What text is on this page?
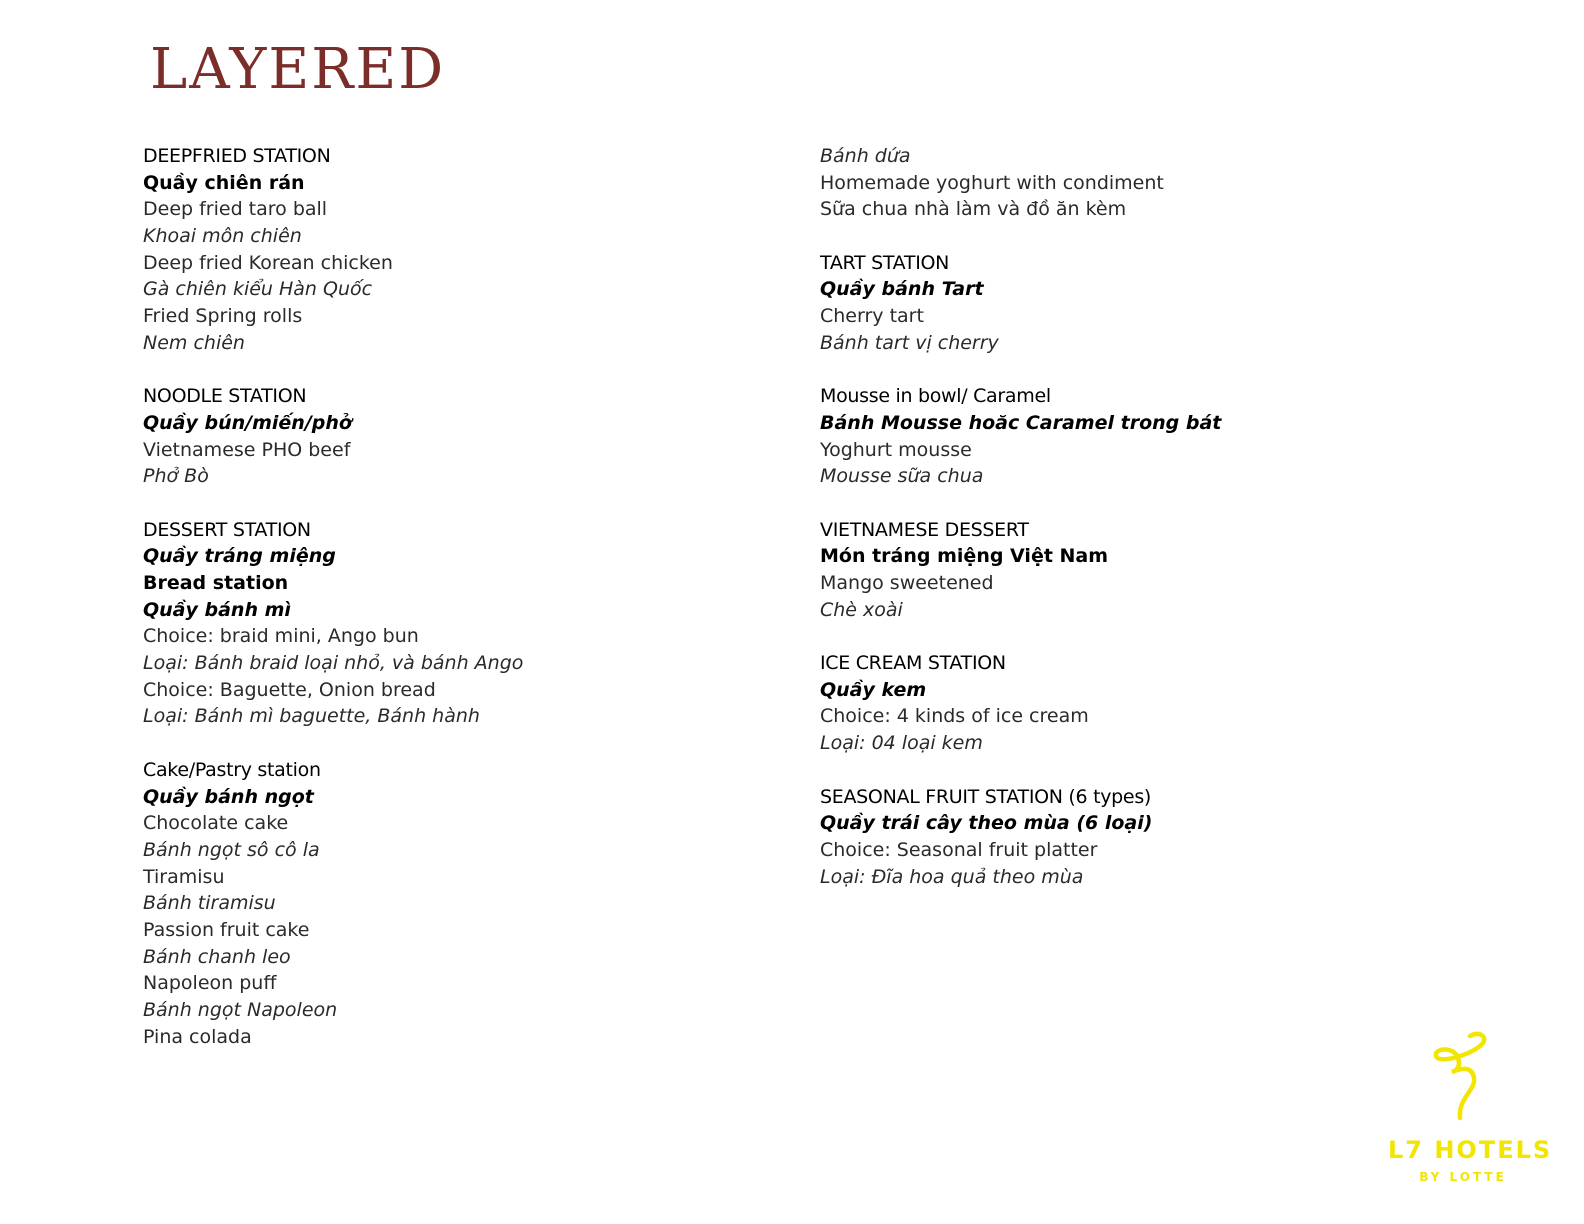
LAYERED
DEEPFRIED STATION
Quầy chiên rán
Deep fried taro ball
Khoai môn chiên
Deep fried Korean chicken
Gà chiên kiểu Hàn Quốc
Fried Spring rolls
Nem chiên
NOODLE STATION
Quầy bún/miến/phở
Vietnamese PHO beef
Phở Bò
DESSERT STATION
Quầy tráng miệng
Bread station
Quầy bánh mì
Choice: braid mini, Ango bun
Loại: Bánh braid loại nhỏ, và bánh Ango
Choice: Baguette, Onion bread
Loại: Bánh mì baguette, Bánh hành
Cake/Pastry station
Quầy bánh ngọt
Chocolate cake
Bánh ngọt sô cô la
Tiramisu
Bánh tiramisu
Passion fruit cake
Bánh chanh leo
Napoleon puff
Bánh ngọt Napoleon
Pina colada
Bánh dứa
Homemade yoghurt with condiment
Sữa chua nhà làm và đồ ăn kèm
TART STATION
Quầy bánh Tart
Cherry tart
Bánh tart vị cherry
Mousse in bowl/ Caramel
Bánh Mousse hoăc Caramel trong bát
Yoghurt mousse
Mousse sữa chua
VIETNAMESE DESSERT
Món tráng miệng Việt Nam
Mango sweetened
Chè xoài
ICE CREAM STATION
Quầy kem
Choice: 4 kinds of ice cream
Loại: 04 loại kem
SEASONAL FRUIT STATION (6 types)
Quầy trái cây theo mùa (6 loại)
Choice: Seasonal fruit platter
Loại: Đĩa hoa quả theo mùa
L7 HOTELS
BY LOTTE
